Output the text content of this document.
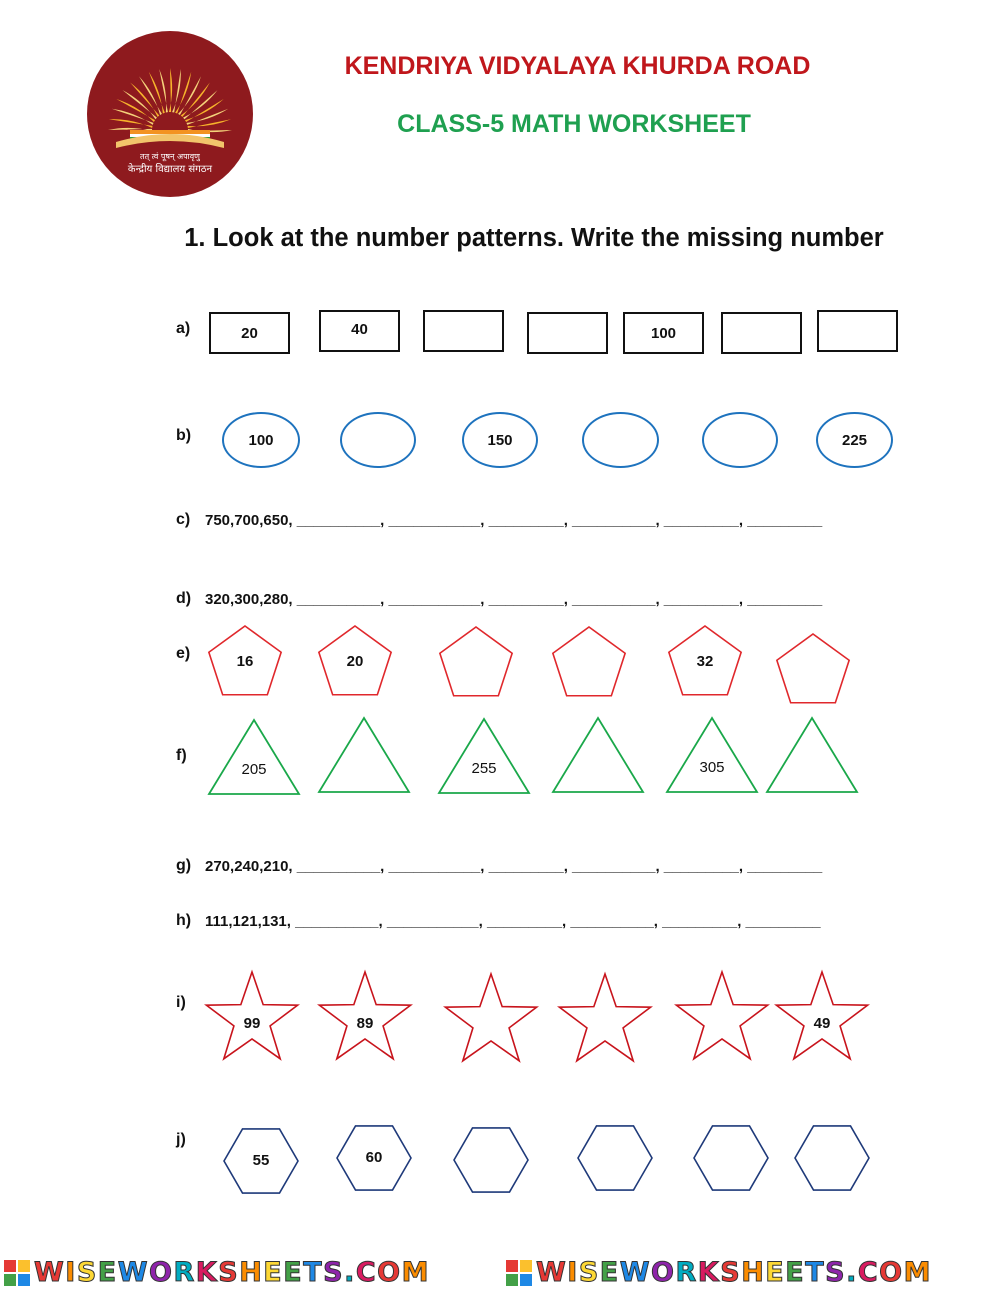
तत् त्वं पूषन् अपावृणु
केन्द्रीय विद्यालय संगठन
KENDRIYA VIDYALAYA KHURDA ROAD
CLASS-5 MATH WORKSHEET
1. Look at the number patterns. Write the missing number
a)	20	40	100
b)	100	150	225
c) 750,700,650, __________, ___________, _________, __________, _________, _________
d) 320,300,280, __________, ___________, _________, __________, _________, _________
e)
f)
g) 270,240,210, __________, ___________, _________, __________, _________, _________
h) 111,121,131, __________, ___________, _________, __________, _________, _________
i)
j)
WISEWORKSHEETS.COM	WISEWORKSHEETS.COM
16	20	32
205	255	305
99	89	49
55	60
